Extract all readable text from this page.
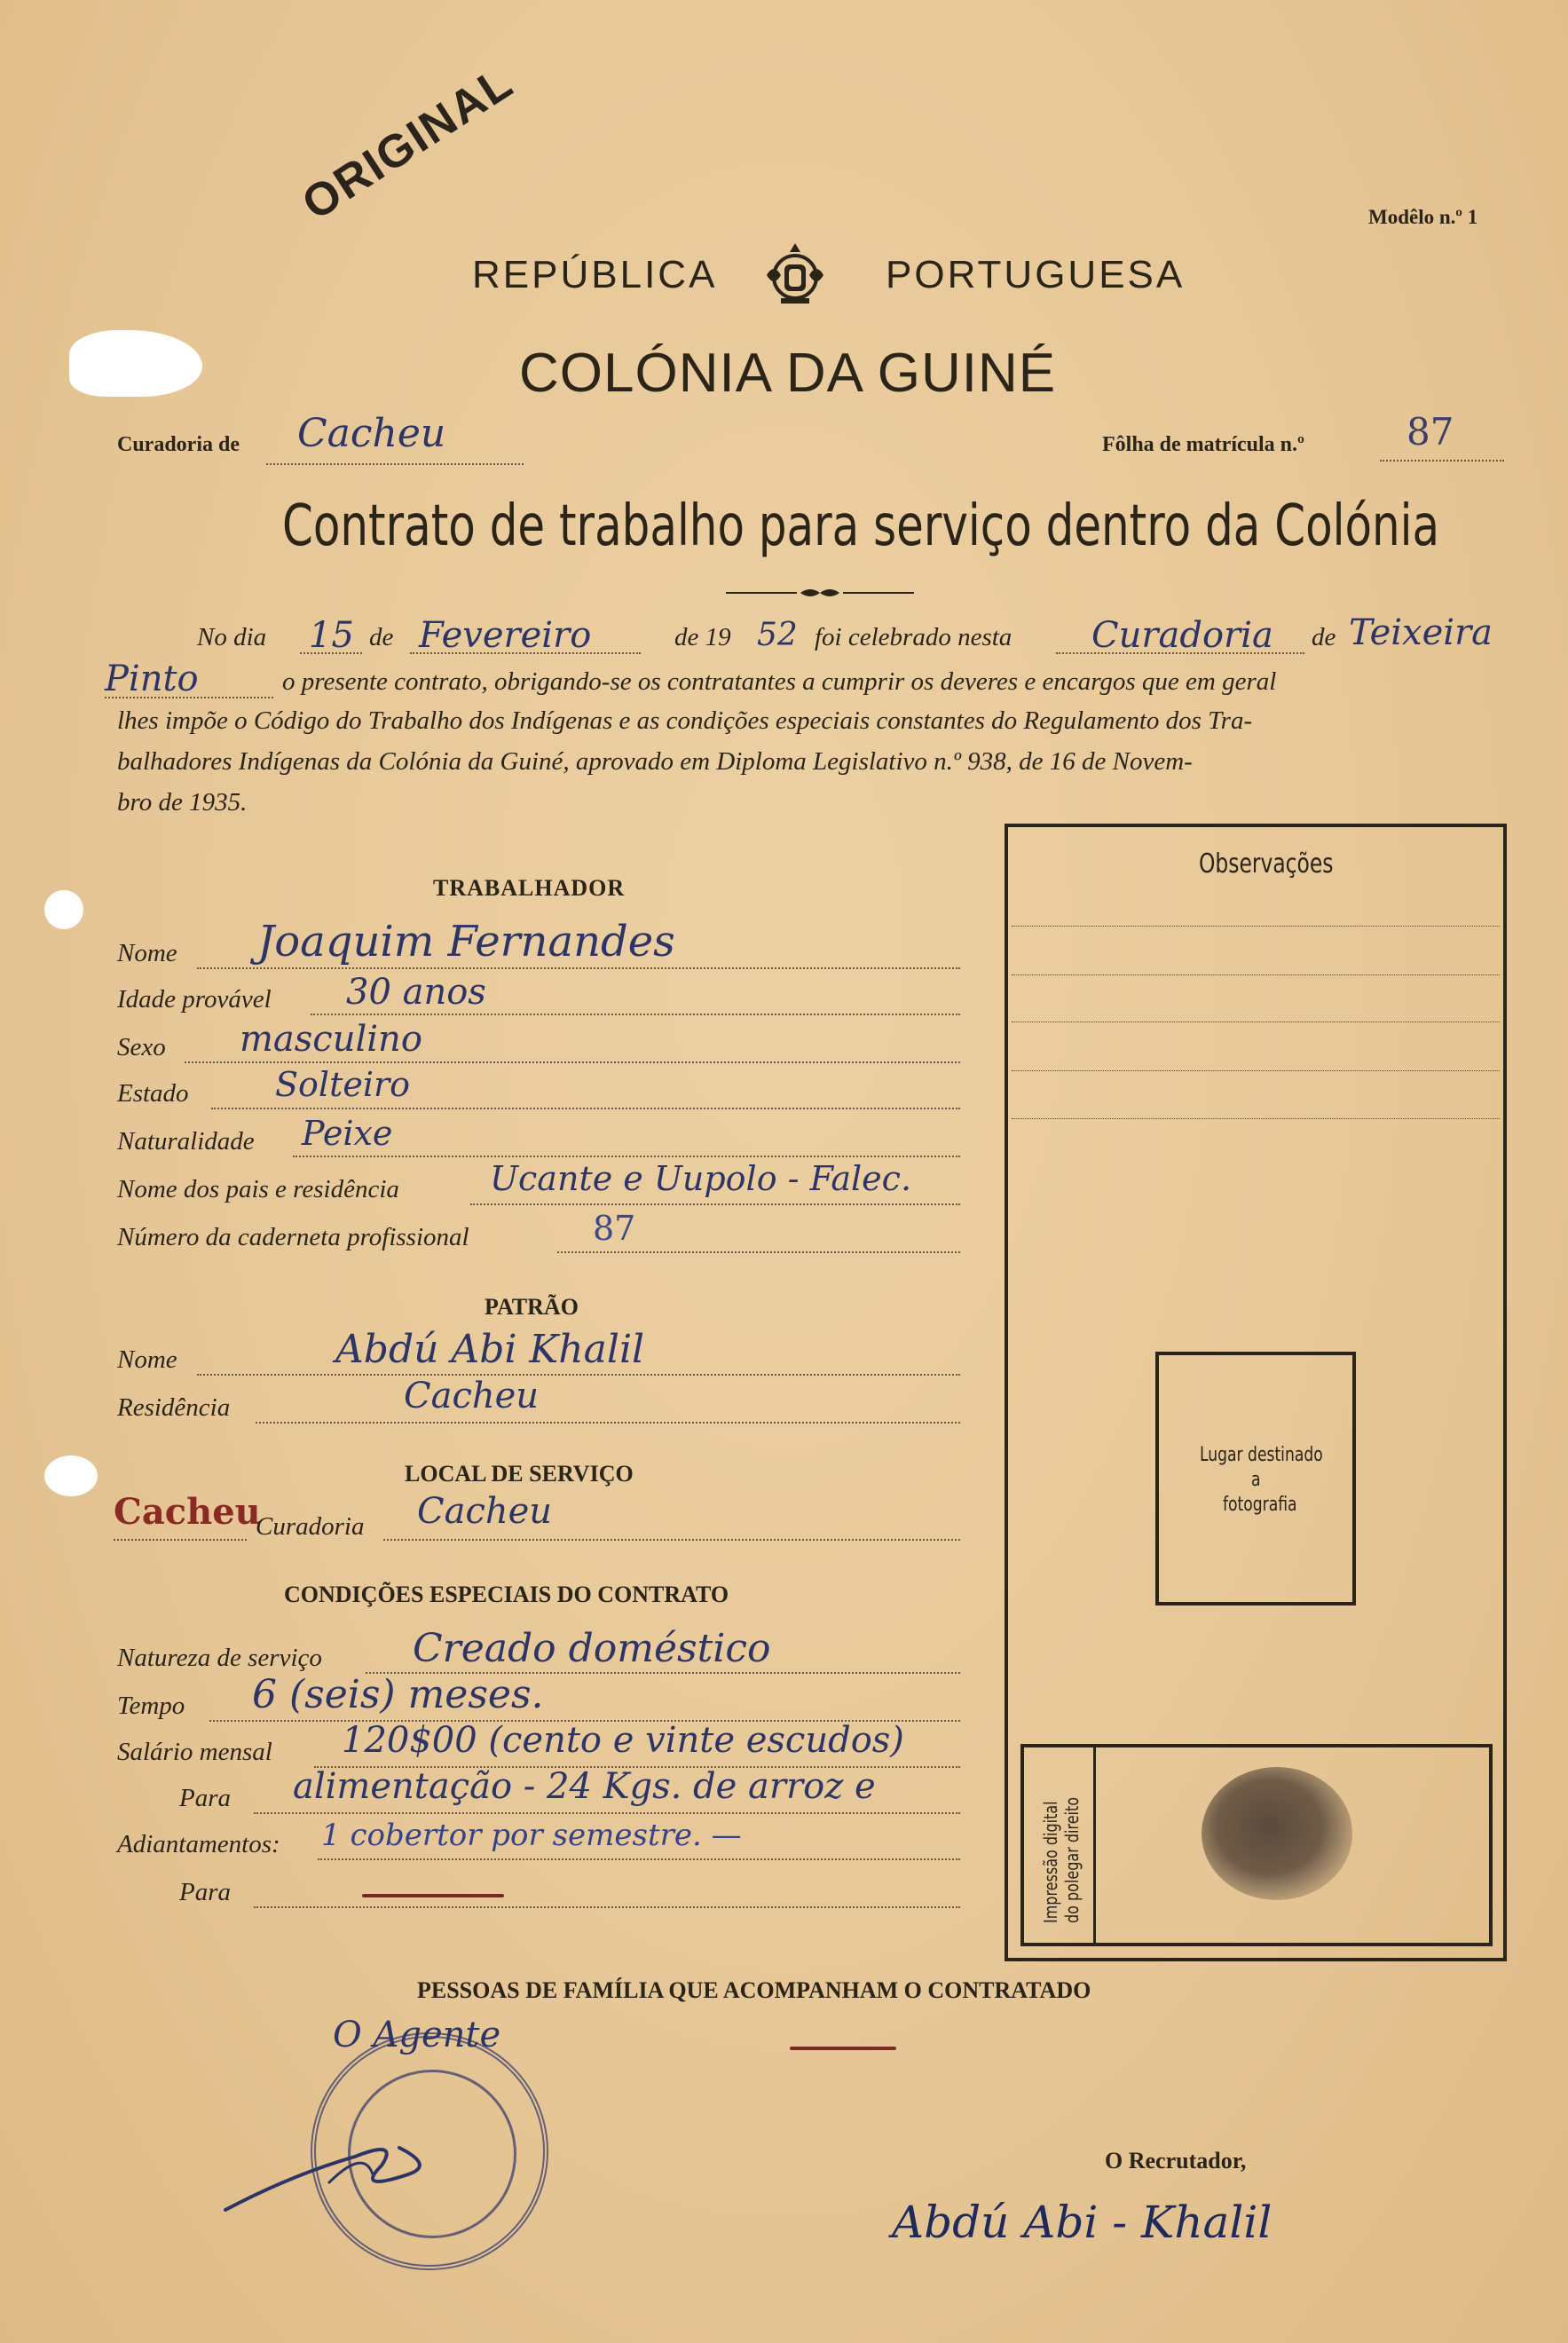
ORIGINAL	Modêlo n.º 1
REPÚBLICA	PORTUGUESA
COLÓNIA DA GUINÉ
Curadoria de Cacheu	Fôlha de matrícula n.º	87
Contrato de trabalho para serviço dentro da Colónia
No dia 15 de Fevereiro	de 19 52 foi celebrado nesta Curadoria de Teixeira
Pinto	o presente contrato, obrigando-se os contratantes a cumprir os deveres e encargos que em geral
lhes impõe o Código do Trabalho dos Indígenas e as condições especiais constantes do Regulamento dos Tra-
balhadores Indígenas da Colónia da Guiné, aprovado em Diploma Legislativo n.º 938, de 16 de Novem-
bro de 1935.
Observações
Lugar destinado
a
fotografia
Impressão digital do polegar direito
TRABALHADOR
Nome Joaquim Fernandes
Idade provável 30 anos
Sexo masculino
Estado	Solteiro
Naturalidade Peixe
Nome dos pais e residência	Ucante e Uupolo - Falec.
Número da caderneta profissional	87
PATRÃO
Nome	Abdú Abi Khalil
Residência	Cacheu
LOCAL DE SERVIÇO
Cacheu
Curadoria Cacheu
CONDIÇÕES ESPECIAIS DO CONTRATO
Natureza de serviço Creado doméstico
Tempo 6 (seis) meses.
Salário mensal 120$00 (cento e vinte escudos)
Para alimentação - 24 Kgs. de arroz e
Adiantamentos: 1 cobertor por semestre. —
Para
PESSOAS DE FAMÍLIA QUE ACOMPANHAM O CONTRATADO
O Agente
O Recrutador,
Abdú Abi - Khalil
